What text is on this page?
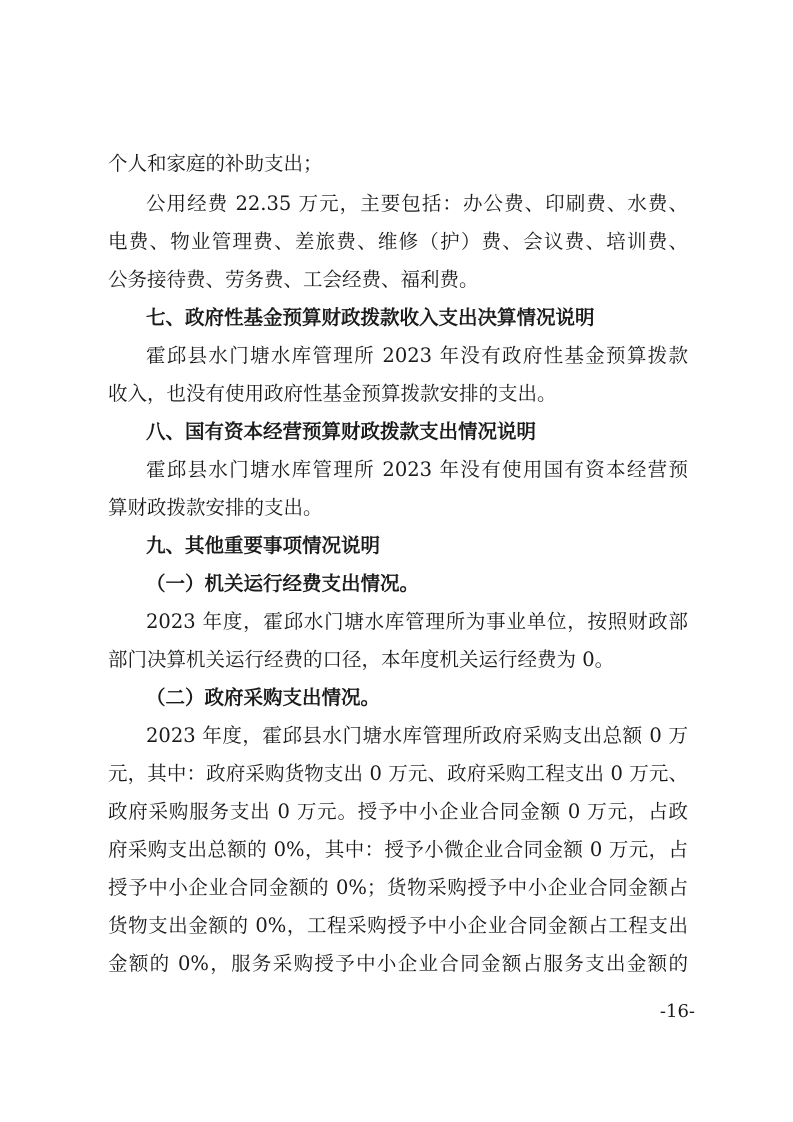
个人和家庭的补助支出；
公用经费 22.35 万元，主要包括：办公费、印刷费、水费、
电费、物业管理费、差旅费、维修（护）费、会议费、培训费、
公务接待费、劳务费、工会经费、福利费。
七、政府性基金预算财政拨款收入支出决算情况说明
霍邱县水门塘水库管理所 2023 年没有政府性基金预算拨款
收入，也没有使用政府性基金预算拨款安排的支出。
八、国有资本经营预算财政拨款支出情况说明
霍邱县水门塘水库管理所 2023 年没有使用国有资本经营预
算财政拨款安排的支出。
九、其他重要事项情况说明
（一）机关运行经费支出情况。
2023 年度，霍邱水门塘水库管理所为事业单位，按照财政部
部门决算机关运行经费的口径，本年度机关运行经费为 0。
（二）政府采购支出情况。
2023 年度，霍邱县水门塘水库管理所政府采购支出总额 0 万
元，其中：政府采购货物支出 0 万元、政府采购工程支出 0 万元、
政府采购服务支出 0 万元。授予中小企业合同金额 0 万元，占政
府采购支出总额的 0%，其中：授予小微企业合同金额 0 万元，占
授予中小企业合同金额的 0%；货物采购授予中小企业合同金额占
货物支出金额的 0%，工程采购授予中小企业合同金额占工程支出
金额的 0%，服务采购授予中小企业合同金额占服务支出金额的
-16-
